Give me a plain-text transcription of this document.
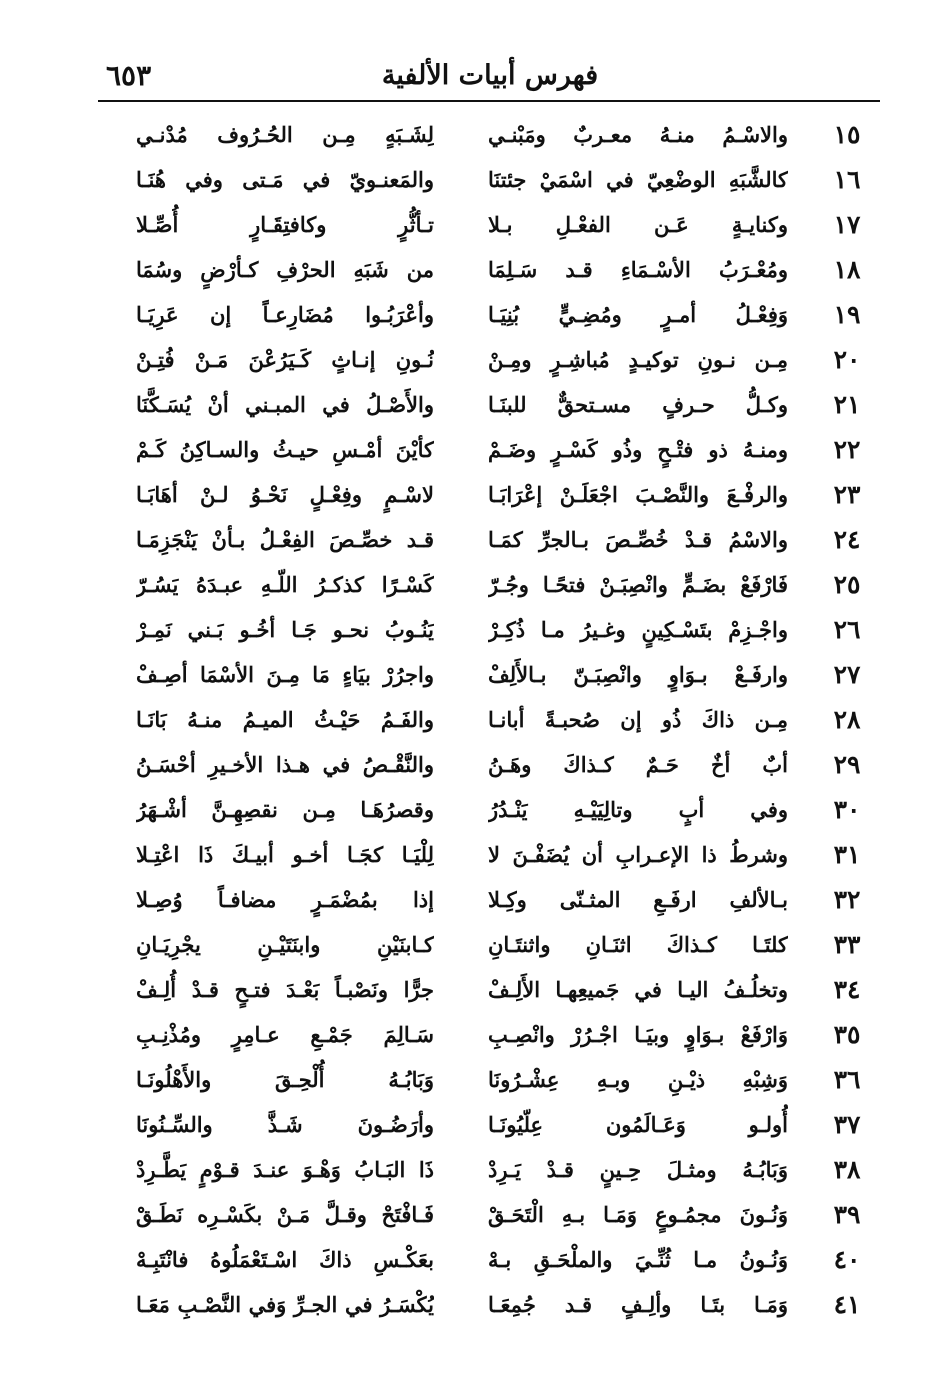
٦٥٣	فهرس أبيات الألفية
١٥
والاسْـمُ منـهُ معـربٌ ومَبْنـي
لِشَـبَهٍ مِـن الحُـرُوف مُدْنـي
١٦
كالشَّبَهِ الوضْعِيّ في اسْمَيْ جئتنَا
والمَعنـويّ في مَـتى وفي هُنَـا
١٧
وكنايـةٍ عَـن الفعْـلِ بـلا
تـأثُّرٍ وكافتِقَـارٍ أُصِّـلا
١٨
ومُعْـرَبُ الأسْـمَاءِ قـد سَـلِمَا
من شَبَهِ الحرْفِ كـأرْضٍ وسُمَا
١٩
وَفِعْـلُ أمـرٍ ومُضِـيٍّ بُنِيَـا
وأعْرَبُـوا مُضَارِعـاً إن عَرِيَـا
٢٠
مِـن نـونِ توكيـدٍ مُباشِـرٍ ومِـنْ
نُـونِ إنـاثٍ كَـيَرُعْنَ مَـنْ فُتِـنْ
٢١
وكـلُّ حـرفٍ مسـتحقٌّ للبنَـا
والأَصْـلُ في المبـني أنْ يُسَـكَّنَا
٢٢
ومنـهُ ذو فتْـحٍ وذُو كَسْـرٍ وضَـمْ
كأيْنَ أمْـسِ حيـثُ والسـاكِنُ كَـمْ
٢٣
والرفْـعَ والنَّصْـبَ اجْعَلَـنْ إعْرَابَـا
لاسْـمٍ وفِعْـلٍ نَحْـوُ لـنْ أهَابَـا
٢٤
والاسْمُ قـدْ خُصِّـصَ بـالجرِّ كمَـا
قـد خصِّـصَ الفِعْـلُ بـأنْ يَنْجَزِمَـا
٢٥
فَارْفَعْ بضَـمٍّ وانْصِبَـنْ فتحًـا وجُـرّ
كَسْـرًا كذكـرُ اللّـهِ عبـدَهُ يَسُـرّ
٢٦
واجْـزِمْ بتَسْـكِينٍ وغـيرُ مـا ذُكِـرْ
يَنُـوبُ نحـو جَـا أخُـو بَـني نَمِـرْ
٢٧
وارفَـعْ بـوَاوٍ وانْصِبَـنّ بـالأَلِفْ
واجرُرْ بيَاءٍ مَا مِـنَ الأسْمَا أصِـفْ
٢٨
مِـن ذاكَ ذُو إن صُحبـةً أبانـا
والفَـمُ حَيْـثُ الميـمُ منـهُ بَانَـا
٢٩
أبٌ أخٌ حَـمٌ كـذاكَ وهَـنُ
والنَّقْـصُ في هـذا الأخـيرِ أحْسَـنُ
٣٠
وفي أبٍ وتالِيَيْـهِ يَنْـدُرُ
وقصرُهَـا مِـن نقصِهِـنَّ أشْـهَرُ
٣١
وشرطُ ذا الإعـرابِ أن يُضَفْـنَ لا
لِلْيَـا كجَـا أخـو أبيـكَ ذَا اعْتِـلا
٣٢
بـالألفِ ارفَـعِ المثـنّى وكِـلا
إذا بمُضْمَـرٍ مضافـاً وُصِـلا
٣٣
كلتَـا كـذاكَ اثنَـانِ واثنتَـانِ
كـابنَيْنِ وابنَتَيْـنِ يجْرِيَـانِ
٣٤
وتخلُـفُ اليـا في جَميعِهـا الأَلِـفْ
جرًّا ونَصْبـاً بَعْـدَ فتـحٍ قـدْ أُلِـفْ
٣٥
وَارْفَعْ بـوَاوٍ وبيَـا اجْـرُرْ وانْصِـبِ
سَـالِمَ جَمْـعِ عـامِرٍ ومُذْنِـبِ
٣٦
وَشِبْهِ ذيْـنِ وبـهِ عِشْـرُونَا
وَبَابُـهُ أُلْحِـقَ والأَهْلُونَـا
٣٧
أُولـو وَعَـالَمُون عِلّيُونَـا
وأرَضُـونَ شَـذَّ والسِّـنُونَا
٣٨
وَبَابُـهُ ومثـلَ حِـينٍ قـدْ يَـرِدْ
ذَا البَـابُ وَهْـوَ عنـدَ قـوْمٍ يَطَّـرِدْ
٣٩
وَنُـونَ مجمُـوعٍ وَمَـا بـهِ الْتَحَـقْ
فَـافْتَحْ وقـلَّ مَـنْ بكَسْـرِه نَطَـقْ
٤٠
وَنُـونُ مـا ثُنِّـيَ والملْحَـقِ بـهْ
بعَكْـسِ ذاكَ اسْـتَعْمَلُوهُ فانْتَبِـهْ
٤١
وَمَـا بتَـا وألِـفٍ قـد جُمِعَـا
يُكْسَـرُ في الجـرِّ وَفي النَّصْـبِ مَعَـا
